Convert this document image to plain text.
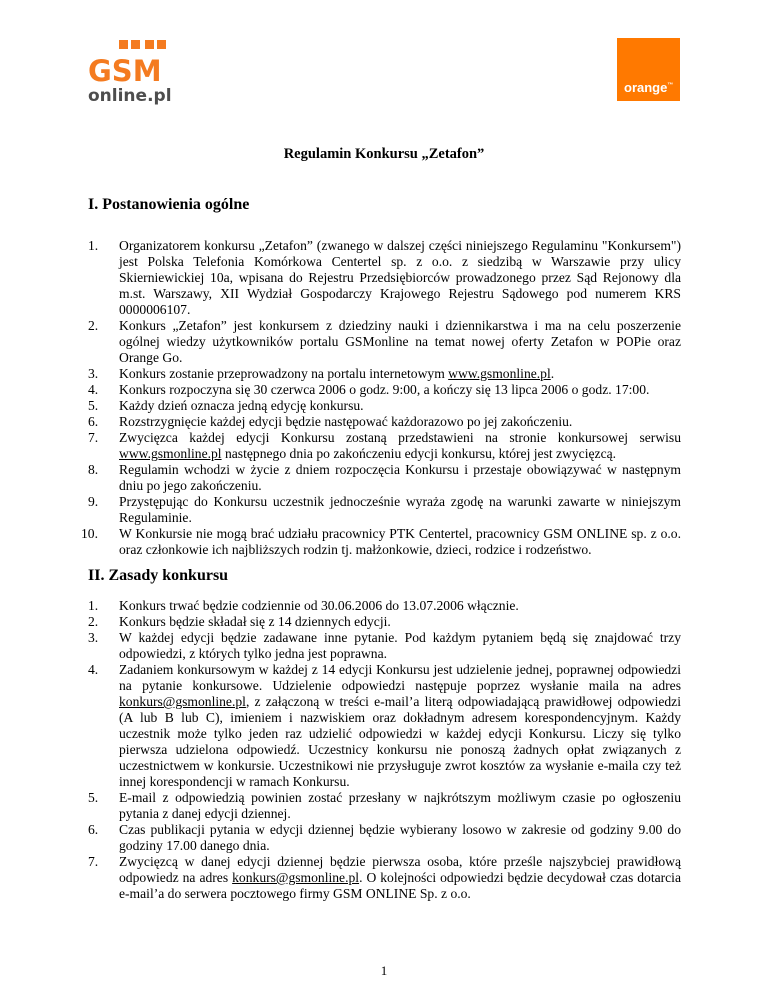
GSM
online.pl	orange™
Regulamin Konkursu „Zetafon”
I. Postanowienia ogólne
1.	Organizatorem konkursu „Zetafon” (zwanego w dalszej części niniejszego Regulaminu "Konkursem") jest Polska Telefonia Komórkowa Centertel sp. z o.o. z siedzibą w Warszawie przy ulicy Skierniewickiej 10a, wpisana do Rejestru Przedsiębiorców prowadzonego przez Sąd Rejonowy dla m.st. Warszawy, XII Wydział Gospodarczy Krajowego Rejestru Sądowego pod numerem KRS 0000006107.
2.	Konkurs „Zetafon” jest konkursem z dziedziny nauki i dziennikarstwa i ma na celu poszerzenie ogólnej wiedzy użytkowników portalu GSMonline na temat nowej oferty Zetafon w POPie oraz Orange Go.
3.	Konkurs zostanie przeprowadzony na portalu internetowym www.gsmonline.pl.
4.	Konkurs rozpoczyna się 30 czerwca 2006 o godz. 9:00, a kończy się 13 lipca 2006 o godz. 17:00.
5.	Każdy dzień oznacza jedną edycję konkursu.
6.	Rozstrzygnięcie każdej edycji będzie następować każdorazowo po jej zakończeniu.
7.	Zwycięzca każdej edycji Konkursu zostaną przedstawieni na stronie konkursowej serwisu www.gsmonline.pl następnego dnia po zakończeniu edycji konkursu, której jest zwycięzcą.
8.	Regulamin wchodzi w życie z dniem rozpoczęcia Konkursu i przestaje obowiązywać w następnym dniu po jego zakończeniu.
9.	Przystępując do Konkursu uczestnik jednocześnie wyraża zgodę na warunki zawarte w niniejszym Regulaminie.
10.	W Konkursie nie mogą brać udziału pracownicy PTK Centertel, pracownicy GSM ONLINE sp. z o.o. oraz członkowie ich najbliższych rodzin tj. małżonkowie, dzieci, rodzice i rodzeństwo.
II. Zasady konkursu
1.	Konkurs trwać będzie codziennie od 30.06.2006 do 13.07.2006 włącznie.
2.	Konkurs będzie składał się z 14 dziennych edycji.
3.	W każdej edycji będzie zadawane inne pytanie. Pod każdym pytaniem będą się znajdować trzy odpowiedzi, z których tylko jedna jest poprawna.
4.	Zadaniem konkursowym w każdej z 14 edycji Konkursu jest udzielenie jednej, poprawnej odpowiedzi na pytanie konkursowe. Udzielenie odpowiedzi następuje poprzez wysłanie maila na adres konkurs@gsmonline.pl, z załączoną w treści e-mail’a literą odpowiadającą prawidłowej odpowiedzi (A lub B lub C), imieniem i nazwiskiem oraz dokładnym adresem korespondencyjnym. Każdy uczestnik może tylko jeden raz udzielić odpowiedzi w każdej edycji Konkursu. Liczy się tylko pierwsza udzielona odpowiedź. Uczestnicy konkursu nie ponoszą żadnych opłat związanych z uczestnictwem w konkursie. Uczestnikowi nie przysługuje zwrot kosztów za wysłanie e-maila czy też innej korespondencji w ramach Konkursu.
5.	E-mail z odpowiedzią powinien zostać przesłany w najkrótszym możliwym czasie po ogłoszeniu pytania z danej edycji dziennej.
6.	Czas publikacji pytania w edycji dziennej będzie wybierany losowo w zakresie od godziny 9.00 do godziny 17.00 danego dnia.
7.	Zwycięzcą w danej edycji dziennej będzie pierwsza osoba, które prześle najszybciej prawidłową odpowiedz na adres konkurs@gsmonline.pl. O kolejności odpowiedzi będzie decydował czas dotarcia e-mail’a do serwera pocztowego firmy GSM ONLINE Sp. z o.o.
1
